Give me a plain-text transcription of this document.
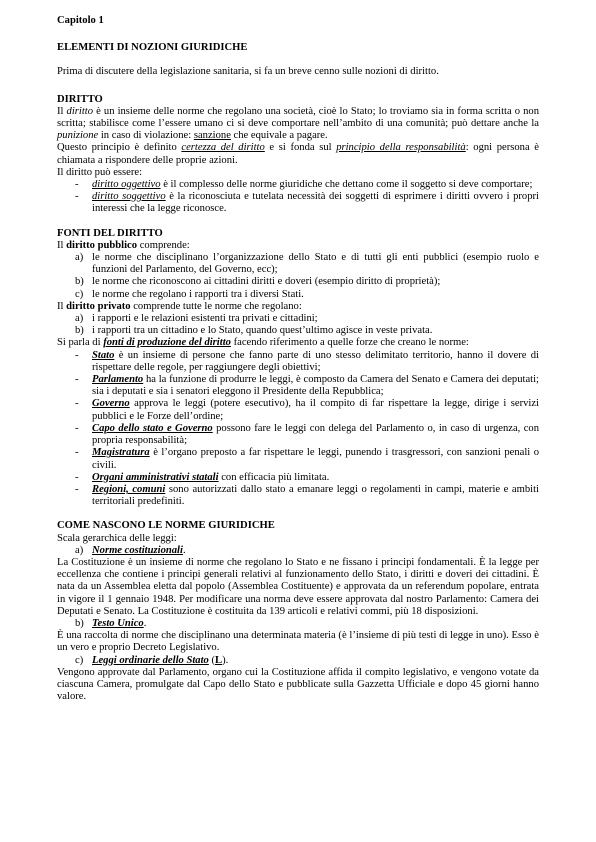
Capitolo 1

ELEMENTI DI NOZIONI GIURIDICHE

Prima di discutere della legislazione sanitaria, si fa un breve cenno sulle nozioni di diritto.

DIRITTO

Il diritto è un insieme delle norme che regolano una società, cioè lo Stato; lo troviamo sia in forma scritta o non scritta; stabilisce come l’essere umano ci si deve comportare nell’ambito di una comunità; può dettare anche la punizione in caso di violazione: sanzione che equivale a pagare.

Questo principio è definito certezza del diritto e si fonda sul principio della responsabilità: ogni persona è chiamata a rispondere delle proprie azioni.

Il diritto può essere:

- diritto oggettivo è il complesso delle norme giuridiche che dettano come il soggetto si deve comportare;
- diritto soggettivo è la riconosciuta e tutelata necessità dei soggetti di esprimere i diritti ovvero i propri interessi che la legge riconosce.

FONTI DEL DIRITTO

Il diritto pubblico comprende:

a) le norme che disciplinano l’organizzazione dello Stato e di tutti gli enti pubblici (esempio ruolo e funzioni del Parlamento, del Governo, ecc);
b) le norme che riconoscono ai cittadini diritti e doveri (esempio diritto di proprietà);
c) le norme che regolano i rapporti tra i diversi Stati.

Il diritto privato comprende tutte le norme che regolano:

a) i rapporti e le relazioni esistenti tra privati e cittadini;
b) i rapporti tra un cittadino e lo Stato, quando quest’ultimo agisce in veste privata.

Si parla di fonti di produzione del diritto facendo riferimento a quelle forze che creano le norme:

- Stato è un insieme di persone che fanno parte di uno stesso delimitato territorio, hanno il dovere di rispettare delle regole, per raggiungere degli obiettivi;
- Parlamento ha la funzione di produrre le leggi, è composto da Camera del Senato e Camera dei deputati; sia i deputati e sia i senatori eleggono il Presidente della Repubblica;
- Governo approva le leggi (potere esecutivo), ha il compito di far rispettare la legge, dirige i servizi pubblici e le Forze dell’ordine;
- Capo dello stato e Governo possono fare le leggi con delega del Parlamento o, in caso di urgenza, con propria responsabilità;
- Magistratura è l’organo preposto a far rispettare le leggi, punendo i trasgressori, con sanzioni penali o civili.
- Organi amministrativi statali con efficacia più limitata.
- Regioni, comuni sono autorizzati dallo stato a emanare leggi o regolamenti in campi, materie e ambiti territoriali predefiniti.

COME NASCONO LE NORME GIURIDICHE

Scala gerarchica delle leggi:

a) Norme costituzionali.

La Costituzione è un insieme di norme che regolano lo Stato e ne fissano i principi fondamentali. È la legge per eccellenza che contiene i principi generali relativi al funzionamento dello Stato, i diritti e doveri dei cittadini. È nata da un Assemblea eletta dal popolo (Assemblea Costituente) e approvata da un referendum popolare, entrata in vigore il 1 gennaio 1948. Per modificare una norma deve essere approvata dal nostro Parlamento: Camera dei Deputati e Senato. La Costituzione è costituita da 139 articoli e relativi commi, più 18 disposizioni.

b) Testo Unico.

È una raccolta di norme che disciplinano una determinata materia (è l’insieme di più testi di legge in uno). Esso è un vero e proprio Decreto Legislativo.

c) Leggi ordinarie dello Stato (L).

Vengono approvate dal Parlamento, organo cui la Costituzione affida il compito legislativo, e vengono votate da ciascuna Camera, promulgate dal Capo dello Stato e pubblicate sulla Gazzetta Ufficiale e dopo 45 giorni hanno valore.
